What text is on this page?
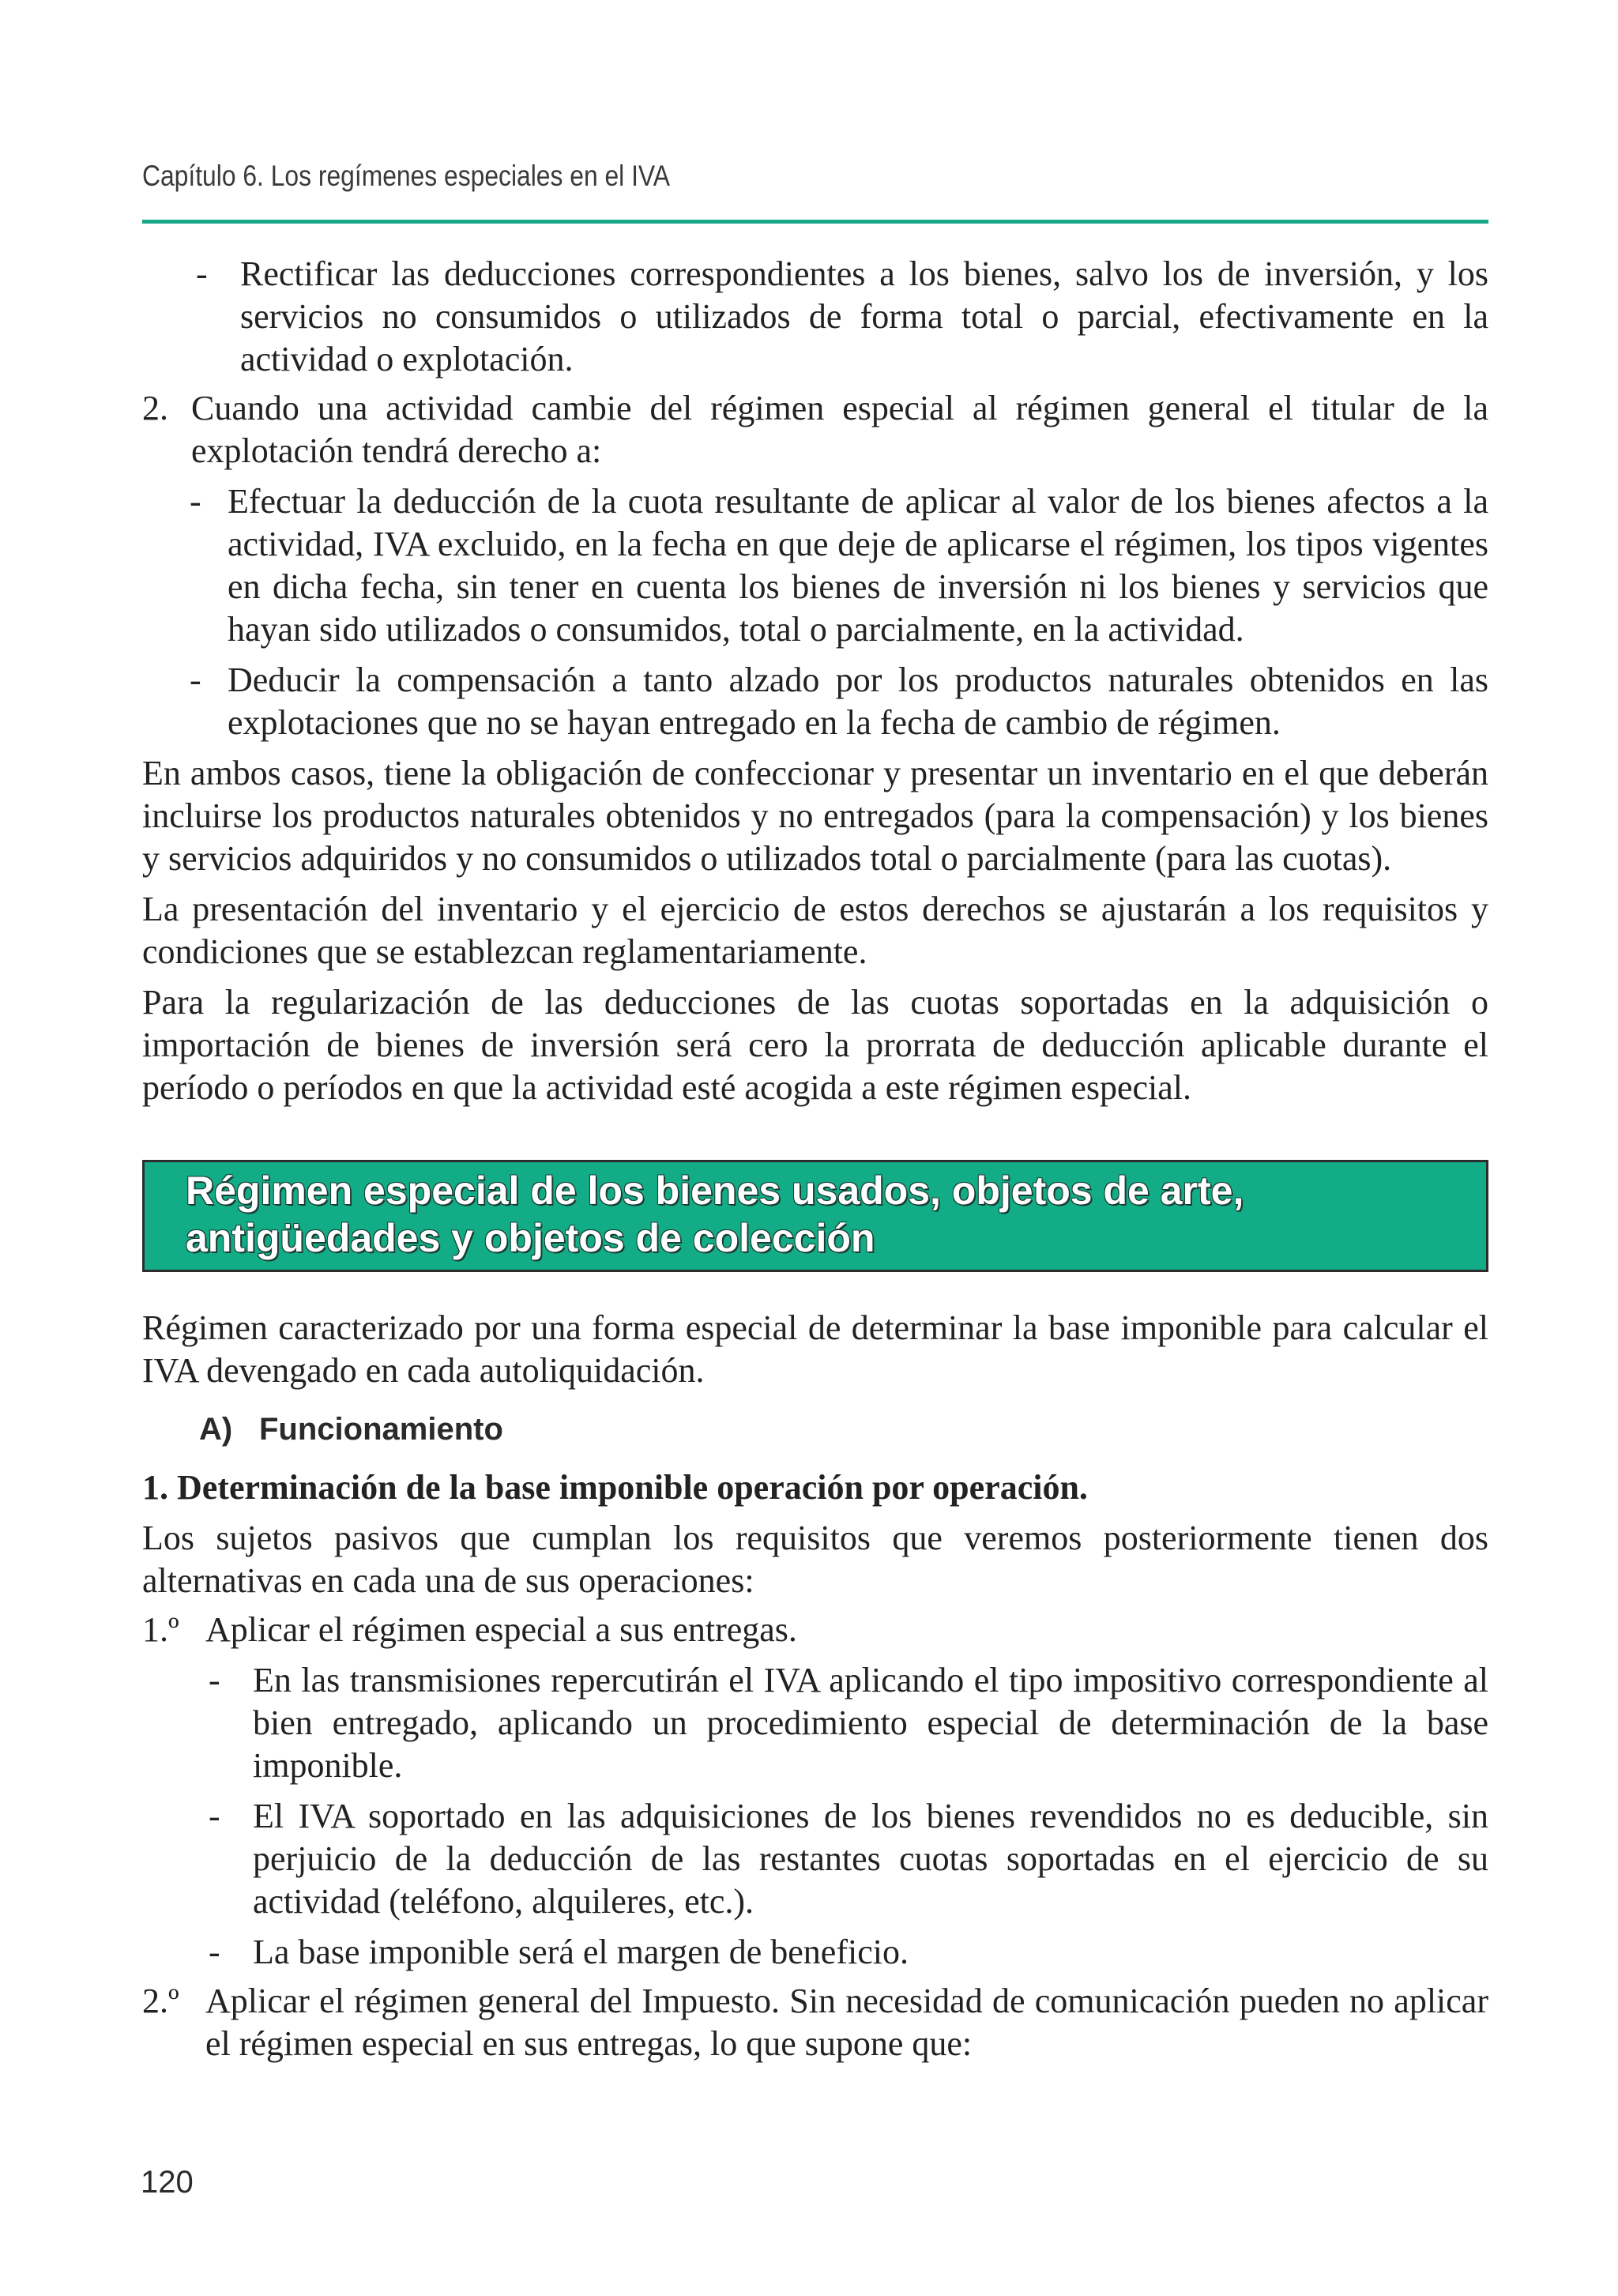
Capítulo 6. Los regímenes especiales en el IVA
- Rectificar las deducciones correspondientes a los bienes, salvo los de inversión, y los servicios no consumidos o utilizados de forma total o parcial, efectivamente en la actividad o explotación.

2. Cuando una actividad cambie del régimen especial al régimen general el titular de la explotación tendrá derecho a:

- Efectuar la deducción de la cuota resultante de aplicar al valor de los bienes afectos a la actividad, IVA excluido, en la fecha en que deje de aplicarse el régimen, los tipos vigentes en dicha fecha, sin tener en cuenta los bienes de inversión ni los bienes y servicios que hayan sido utilizados o consumidos, total o parcialmente, en la actividad.

- Deducir la compensación a tanto alzado por los productos naturales obtenidos en las explotaciones que no se hayan entregado en la fecha de cambio de régimen.

En ambos casos, tiene la obligación de confeccionar y presentar un inventario en el que deberán incluirse los productos naturales obtenidos y no entregados (para la compensación) y los bienes y servicios adquiridos y no consumidos o utilizados total o parcialmente (para las cuotas).

La presentación del inventario y el ejercicio de estos derechos se ajustarán a los requisitos y condiciones que se establezcan reglamentariamente.

Para la regularización de las deducciones de las cuotas soportadas en la adquisición o importación de bienes de inversión será cero la prorrata de deducción aplicable durante el período o períodos en que la actividad esté acogida a este régimen especial.

Régimen especial de los bienes usados, objetos de arte, antigüedades y objetos de colección

Régimen caracterizado por una forma especial de determinar la base imponible para calcular el IVA devengado en cada autoliquidación.

A) Funcionamiento

1. Determinación de la base imponible operación por operación.

Los sujetos pasivos que cumplan los requisitos que veremos posteriormente tienen dos alternativas en cada una de sus operaciones:

1.º Aplicar el régimen especial a sus entregas.

- En las transmisiones repercutirán el IVA aplicando el tipo impositivo correspondiente al bien entregado, aplicando un procedimiento especial de determinación de la base imponible.

- El IVA soportado en las adquisiciones de los bienes revendidos no es deducible, sin perjuicio de la deducción de las restantes cuotas soportadas en el ejercicio de su actividad (teléfono, alquileres, etc.).

- La base imponible será el margen de beneficio.

2.º Aplicar el régimen general del Impuesto. Sin necesidad de comunicación pueden no aplicar el régimen especial en sus entregas, lo que supone que:

120
